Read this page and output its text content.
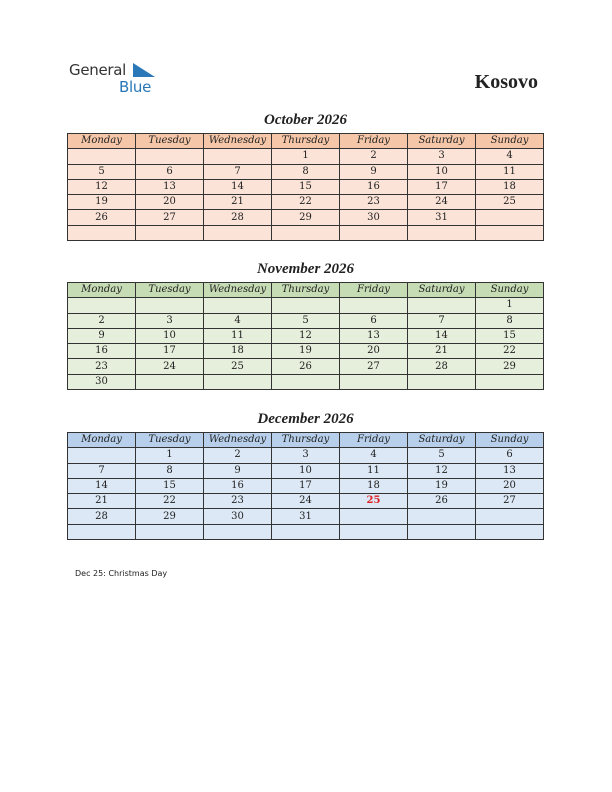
General
Blue	Kosovo
October 2026
Monday	Tuesday	Wednesday	Thursday	Friday	Saturday	Sunday
			1	2	3	4
5	6	7	8	9	10	11
12	13	14	15	16	17	18
19	20	21	22	23	24	25
26	27	28	29	30	31	

November 2026
Monday	Tuesday	Wednesday	Thursday	Friday	Saturday	Sunday
						1
2	3	4	5	6	7	8
9	10	11	12	13	14	15
16	17	18	19	20	21	22
23	24	25	26	27	28	29
30						
December 2026
Monday	Tuesday	Wednesday	Thursday	Friday	Saturday	Sunday
	1	2	3	4	5	6
7	8	9	10	11	12	13
14	15	16	17	18	19	20
21	22	23	24	25	26	27
28	29	30	31			

Dec 25: Christmas Day
